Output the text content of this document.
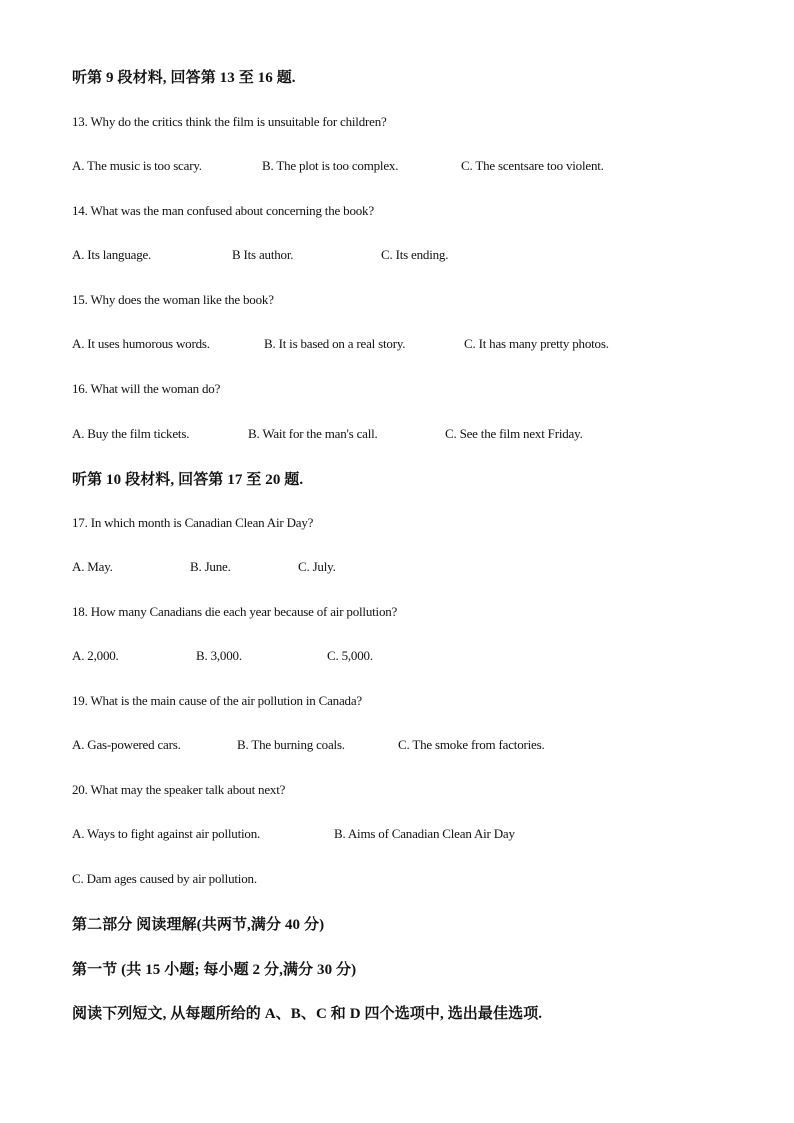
听第 9 段材料, 回答第 13 至 16 题.
13. Why do the critics think the film is unsuitable for children?
A. The music is too scary.	B. The plot is too complex.	C. The scentsare too violent.
14. What was the man confused about concerning the book?
A. Its language.	B Its author.	C. Its ending.
15. Why does the woman like the book?
A. It uses humorous words.	B. It is based on a real story.	C. It has many pretty photos.
16. What will the woman do?
A. Buy the film tickets.	B. Wait for the man's call.	C. See the film next Friday.
听第 10 段材料, 回答第 17 至 20 题.
17. In which month is Canadian Clean Air Day?
A. May.	B. June.	C. July.
18. How many Canadians die each year because of air pollution?
A. 2,000.	B. 3,000.	C. 5,000.
19. What is the main cause of the air pollution in Canada?
A. Gas-powered cars.	B. The burning coals.	C. The smoke from factories.
20. What may the speaker talk about next?
A. Ways to fight against air pollution.	B. Aims of Canadian Clean Air Day
C. Dam ages caused by air pollution.
第二部分 阅读理解(共两节,满分 40 分)
第一节 (共 15 小题; 每小题 2 分,满分 30 分)
阅读下列短文, 从每题所给的 A、B、C 和 D 四个选项中, 选出最佳选项.
